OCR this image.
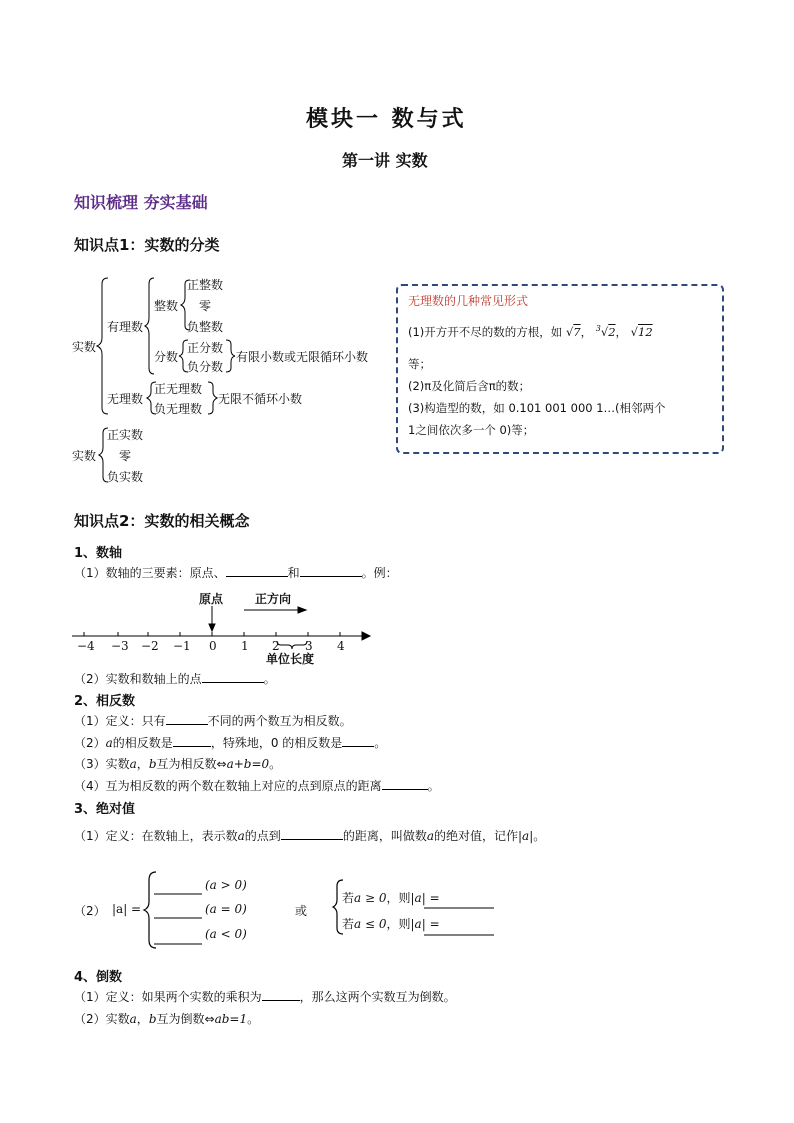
模块一 数与式
第一讲 实数
知识梳理 夯实基础
知识点1：实数的分类
实数
有理数
整数
正整数
零
负整数
分数
正分数
负分数
有限小数或无限循环小数
无理数
正无理数
负无理数
无限不循环小数
实数
正实数
零
负实数
无理数的几种常见形式
(1)开方开不尽的数的方根，如 √7， $^3$√2， √12
等；
(2)π及化简后含π的数；
(3)构造型的数，如 0.101 001 000 1…(相邻两个
1之间依次多一个 0)等；
知识点2：实数的相关概念
1、数轴
（1）数轴的三要素：原点、	和	。例：
原点	正方向
单位长度
−4 −3 −2 −1 0 1 2 3 4
（2）实数和数轴上的点	。
2、相反数
（1）定义：只有	不同的两个数互为相反数。
（2）a的相反数是	，特殊地，0 的相反数是	。
（3）实数a，b互为相反数⇔a+b=0。
（4）互为相反数的两个数在数轴上对应的点到原点的距离	。
3、绝对值
（1）定义：在数轴上，表示数a的点到	的距离，叫做数a的绝对值，记作|a|。
（2） |a| =
(a > 0)
(a = 0)
(a < 0)
或
若a ≥ 0，则|a| =
若a ≤ 0，则|a| =
4、倒数
（1）定义：如果两个实数的乘积为	，那么这两个实数互为倒数。
（2）实数a，b互为倒数⇔ab=1。
